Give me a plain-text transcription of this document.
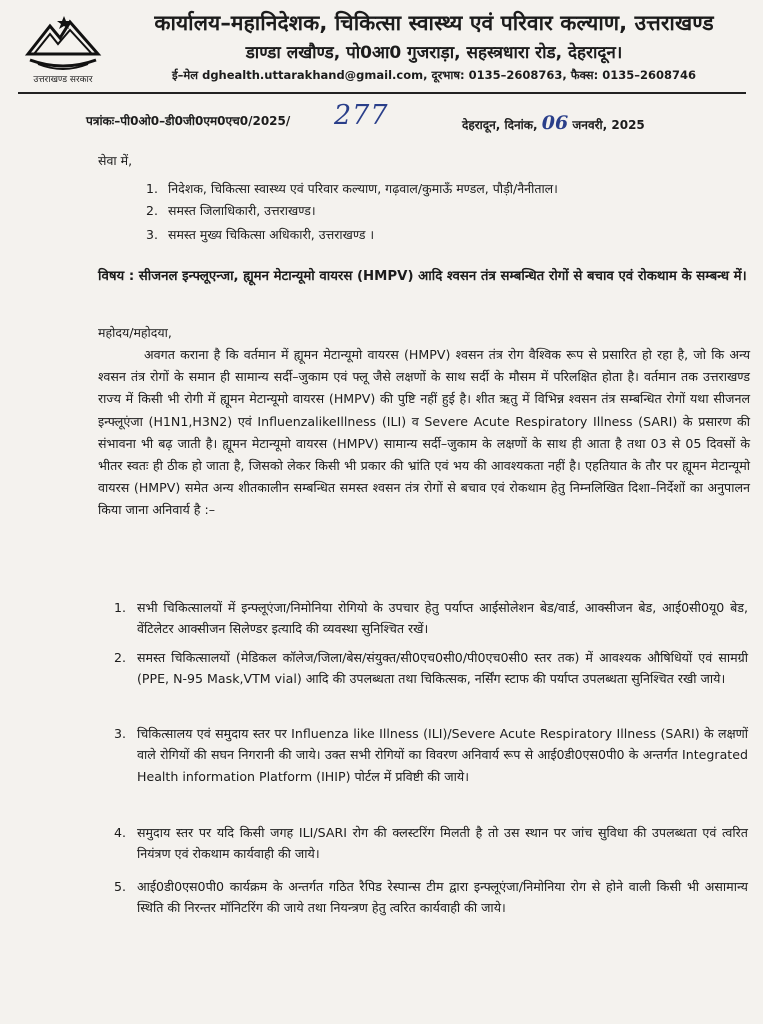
उत्तराखण्ड सरकार
कार्यालय–महानिदेशक, चिकित्सा स्वास्थ्य एवं परिवार कल्याण, उत्तराखण्ड
डाण्डा लखौण्ड, पो0आ0 गुजराड़ा, सहस्त्रधारा रोड, देहरादून।
ई–मेल dghealth.uttarakhand@gmail.com, दूरभाष: 0135–2608763, फैक्स: 0135–2608746
पत्रांकः–पी0ओ0–डी0जी0एम0एच0/2025/ 277	देहरादून, दिनांक, 06 जनवरी, 2025
सेवा में,
1. निदेशक, चिकित्सा स्वास्थ्य एवं परिवार कल्याण, गढ़वाल/कुमाऊँ मण्डल, पौड़ी/नैनीताल।
2. समस्त जिलाधिकारी, उत्तराखण्ड।
3. समस्त मुख्य चिकित्सा अधिकारी, उत्तराखण्ड ।
विषय : सीजनल इन्फ्लूएन्जा, ह्यूमन मेटान्यूमो वायरस (HMPV) आदि श्वसन तंत्र सम्बन्धित रोगों से बचाव एवं रोकथाम के सम्बन्ध में।
महोदय/महोदया,
अवगत कराना है कि वर्तमान में ह्यूमन मेटान्यूमो वायरस (HMPV) श्वसन तंत्र रोग वैश्विक रूप से प्रसारित हो रहा है, जो कि अन्य श्वसन तंत्र रोगों के समान ही सामान्य सर्दी–जुकाम एवं फ्लू जैसे लक्षणों के साथ सर्दी के मौसम में परिलक्षित होता है। वर्तमान तक उत्तराखण्ड राज्य में किसी भी रोगी में ह्यूमन मेटान्यूमो वायरस (HMPV) की पुष्टि नहीं हुई है। शीत ऋतु में विभिन्न श्वसन तंत्र सम्बन्धित रोगों यथा सीजनल इन्फ्लूएंजा (H1N1,H3N2) एवं InfluenzalikeIllness (ILI) व Severe Acute Respiratory Illness (SARI) के प्रसारण की संभावना भी बढ़ जाती है। ह्यूमन मेटान्यूमो वायरस (HMPV) सामान्य सर्दी–जुकाम के लक्षणों के साथ ही आता है तथा 03 से 05 दिवसों के भीतर स्वतः ही ठीक हो जाता है, जिसको लेकर किसी भी प्रकार की भ्रांति एवं भय की आवश्यकता नहीं है। एहतियात के तौर पर ह्यूमन मेटान्यूमो वायरस (HMPV) समेत अन्य शीतकालीन सम्बन्धित समस्त श्वसन तंत्र रोगों से बचाव एवं रोकथाम हेतु निम्नलिखित दिशा–निर्देशों का अनुपालन किया जाना अनिवार्य है :–
1. सभी चिकित्सालयों में इन्फ्लूएंजा/निमोनिया रोगियो के उपचार हेतु पर्याप्त आईसोलेशन बेड/वार्ड, आक्सीजन बेड, आई0सी0यू0 बेड, वेंटिलेटर आक्सीजन सिलेण्डर इत्यादि की व्यवस्था सुनिश्चित रखें।
2. समस्त चिकित्सालयों (मेडिकल कॉलेज/जिला/बेस/संयुक्त/सी0एच0सी0/पी0एच0सी0 स्तर तक) में आवश्यक औषिधियों एवं सामग्री (PPE, N-95 Mask,VTM vial) आदि की उपलब्धता तथा चिकित्सक, नर्सिंग स्टाफ की पर्याप्त उपलब्धता सुनिश्चित रखी जाये।
3. चिकित्सालय एवं समुदाय स्तर पर Influenza like Illness (ILI)/Severe Acute Respiratory Illness (SARI) के लक्षणों वाले रोगियों की सघन निगरानी की जाये। उक्त सभी रोगियों का विवरण अनिवार्य रूप से आई0डी0एस0पी0 के अन्तर्गत Integrated Health information Platform (IHIP) पोर्टल में प्रविष्टी की जाये।
4. समुदाय स्तर पर यदि किसी जगह ILI/SARI रोग की क्लस्टरिंग मिलती है तो उस स्थान पर जांच सुविधा की उपलब्धता एवं त्वरित नियंत्रण एवं रोकथाम कार्यवाही की जाये।
5. आई0डी0एस0पी0 कार्यक्रम के अन्तर्गत गठित रैपिड रेस्पान्स टीम द्वारा इन्फ्लूएंजा/निमोनिया रोग से होने वाली किसी भी असामान्य स्थिति की निरन्तर मॉनिटरिंग की जाये तथा नियन्त्रण हेतु त्वरित कार्यवाही की जाये।
